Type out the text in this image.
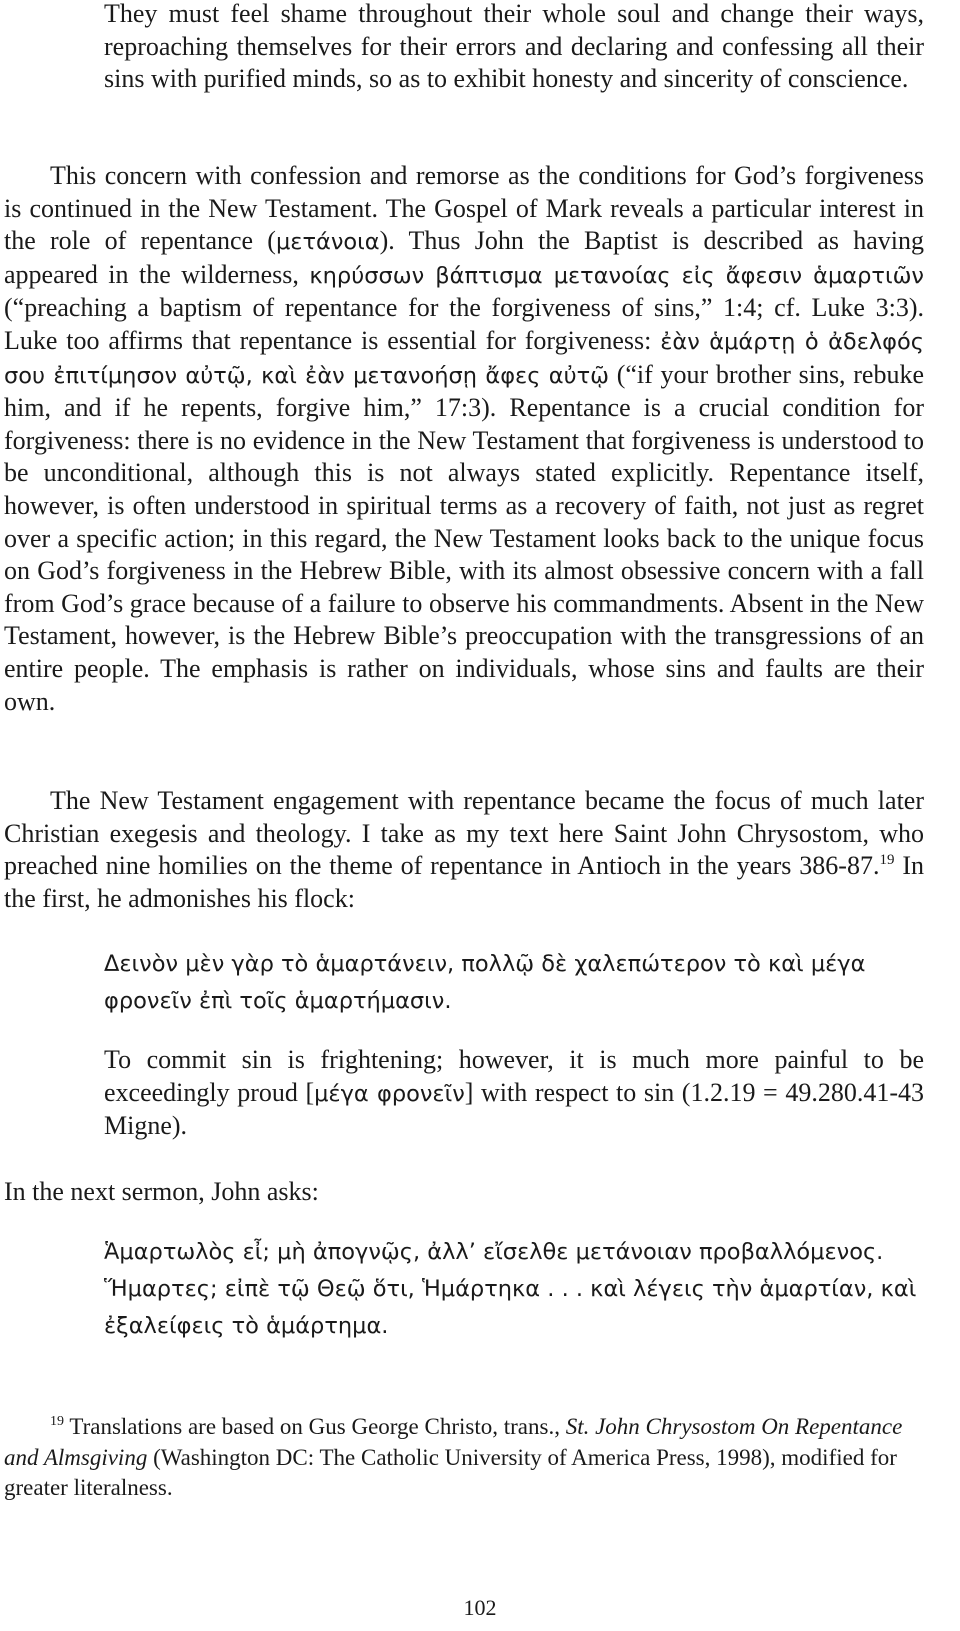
They must feel shame throughout their whole soul and change their ways, reproaching themselves for their errors and declaring and confessing all their sins with purified minds, so as to exhibit honesty and sincerity of conscience.

This concern with confession and remorse as the conditions for God’s forgiveness is continued in the New Testament. The Gospel of Mark reveals a particular interest in the role of repentance (μετάνοια). Thus John the Baptist is described as having appeared in the wilderness, κηρύσσων βάπτισμα μετανοίας εἰς ἄφεσιν ἁμαρτιῶν (“preaching a baptism of repentance for the forgiveness of sins,” 1:4; cf. Luke 3:3). Luke too affirms that repentance is essential for forgiveness: ἐὰν ἁμάρτῃ ὁ ἀδελφός σου ἐπιτίμησον αὐτῷ, καὶ ἐὰν μετανοήσῃ ἄφες αὐτῷ (“if your brother sins, rebuke him, and if he repents, forgive him,” 17:3). Repentance is a crucial condition for forgiveness: there is no evidence in the New Testament that forgiveness is understood to be unconditional, although this is not always stated explicitly. Repentance itself, however, is often understood in spiritual terms as a recovery of faith, not just as regret over a specific action; in this regard, the New Testament looks back to the unique focus on God’s forgiveness in the Hebrew Bible, with its almost obsessive concern with a fall from God’s grace because of a failure to observe his commandments. Absent in the New Testament, however, is the Hebrew Bible’s preoccupation with the transgressions of an entire people. The emphasis is rather on individuals, whose sins and faults are their own.

The New Testament engagement with repentance became the focus of much later Christian exegesis and theology. I take as my text here Saint John Chrysostom, who preached nine homilies on the theme of repentance in Antioch in the years 386-87.19 In the first, he admonishes his flock:

Δεινὸν μὲν γὰρ τὸ ἁμαρτάνειν, πολλῷ δὲ χαλεπώτερον τὸ καὶ μέγα φρονεῖν ἐπὶ τοῖς ἁμαρτήμασιν.

To commit sin is frightening; however, it is much more painful to be exceedingly proud [μέγα φρονεῖν] with respect to sin (1.2.19 = 49.280.41-43 Migne).

In the next sermon, John asks:

Ἁμαρτωλὸς εἶ; μὴ ἀπογνῷς, ἀλλ’ εἴσελθε μετάνοιαν προβαλλόμενος. Ἥμαρτες; εἰπὲ τῷ Θεῷ ὅτι, Ἡμάρτηκα . . . καὶ λέγεις τὴν ἁμαρτίαν, καὶ ἐξαλείφεις τὸ ἁμάρτημα.

$^{19}$ Translations are based on Gus George Christo, trans., St. John Chrysostom On Repentance and Almsgiving (Washington DC: The Catholic University of America Press, 1998), modified for greater literalness.

102
